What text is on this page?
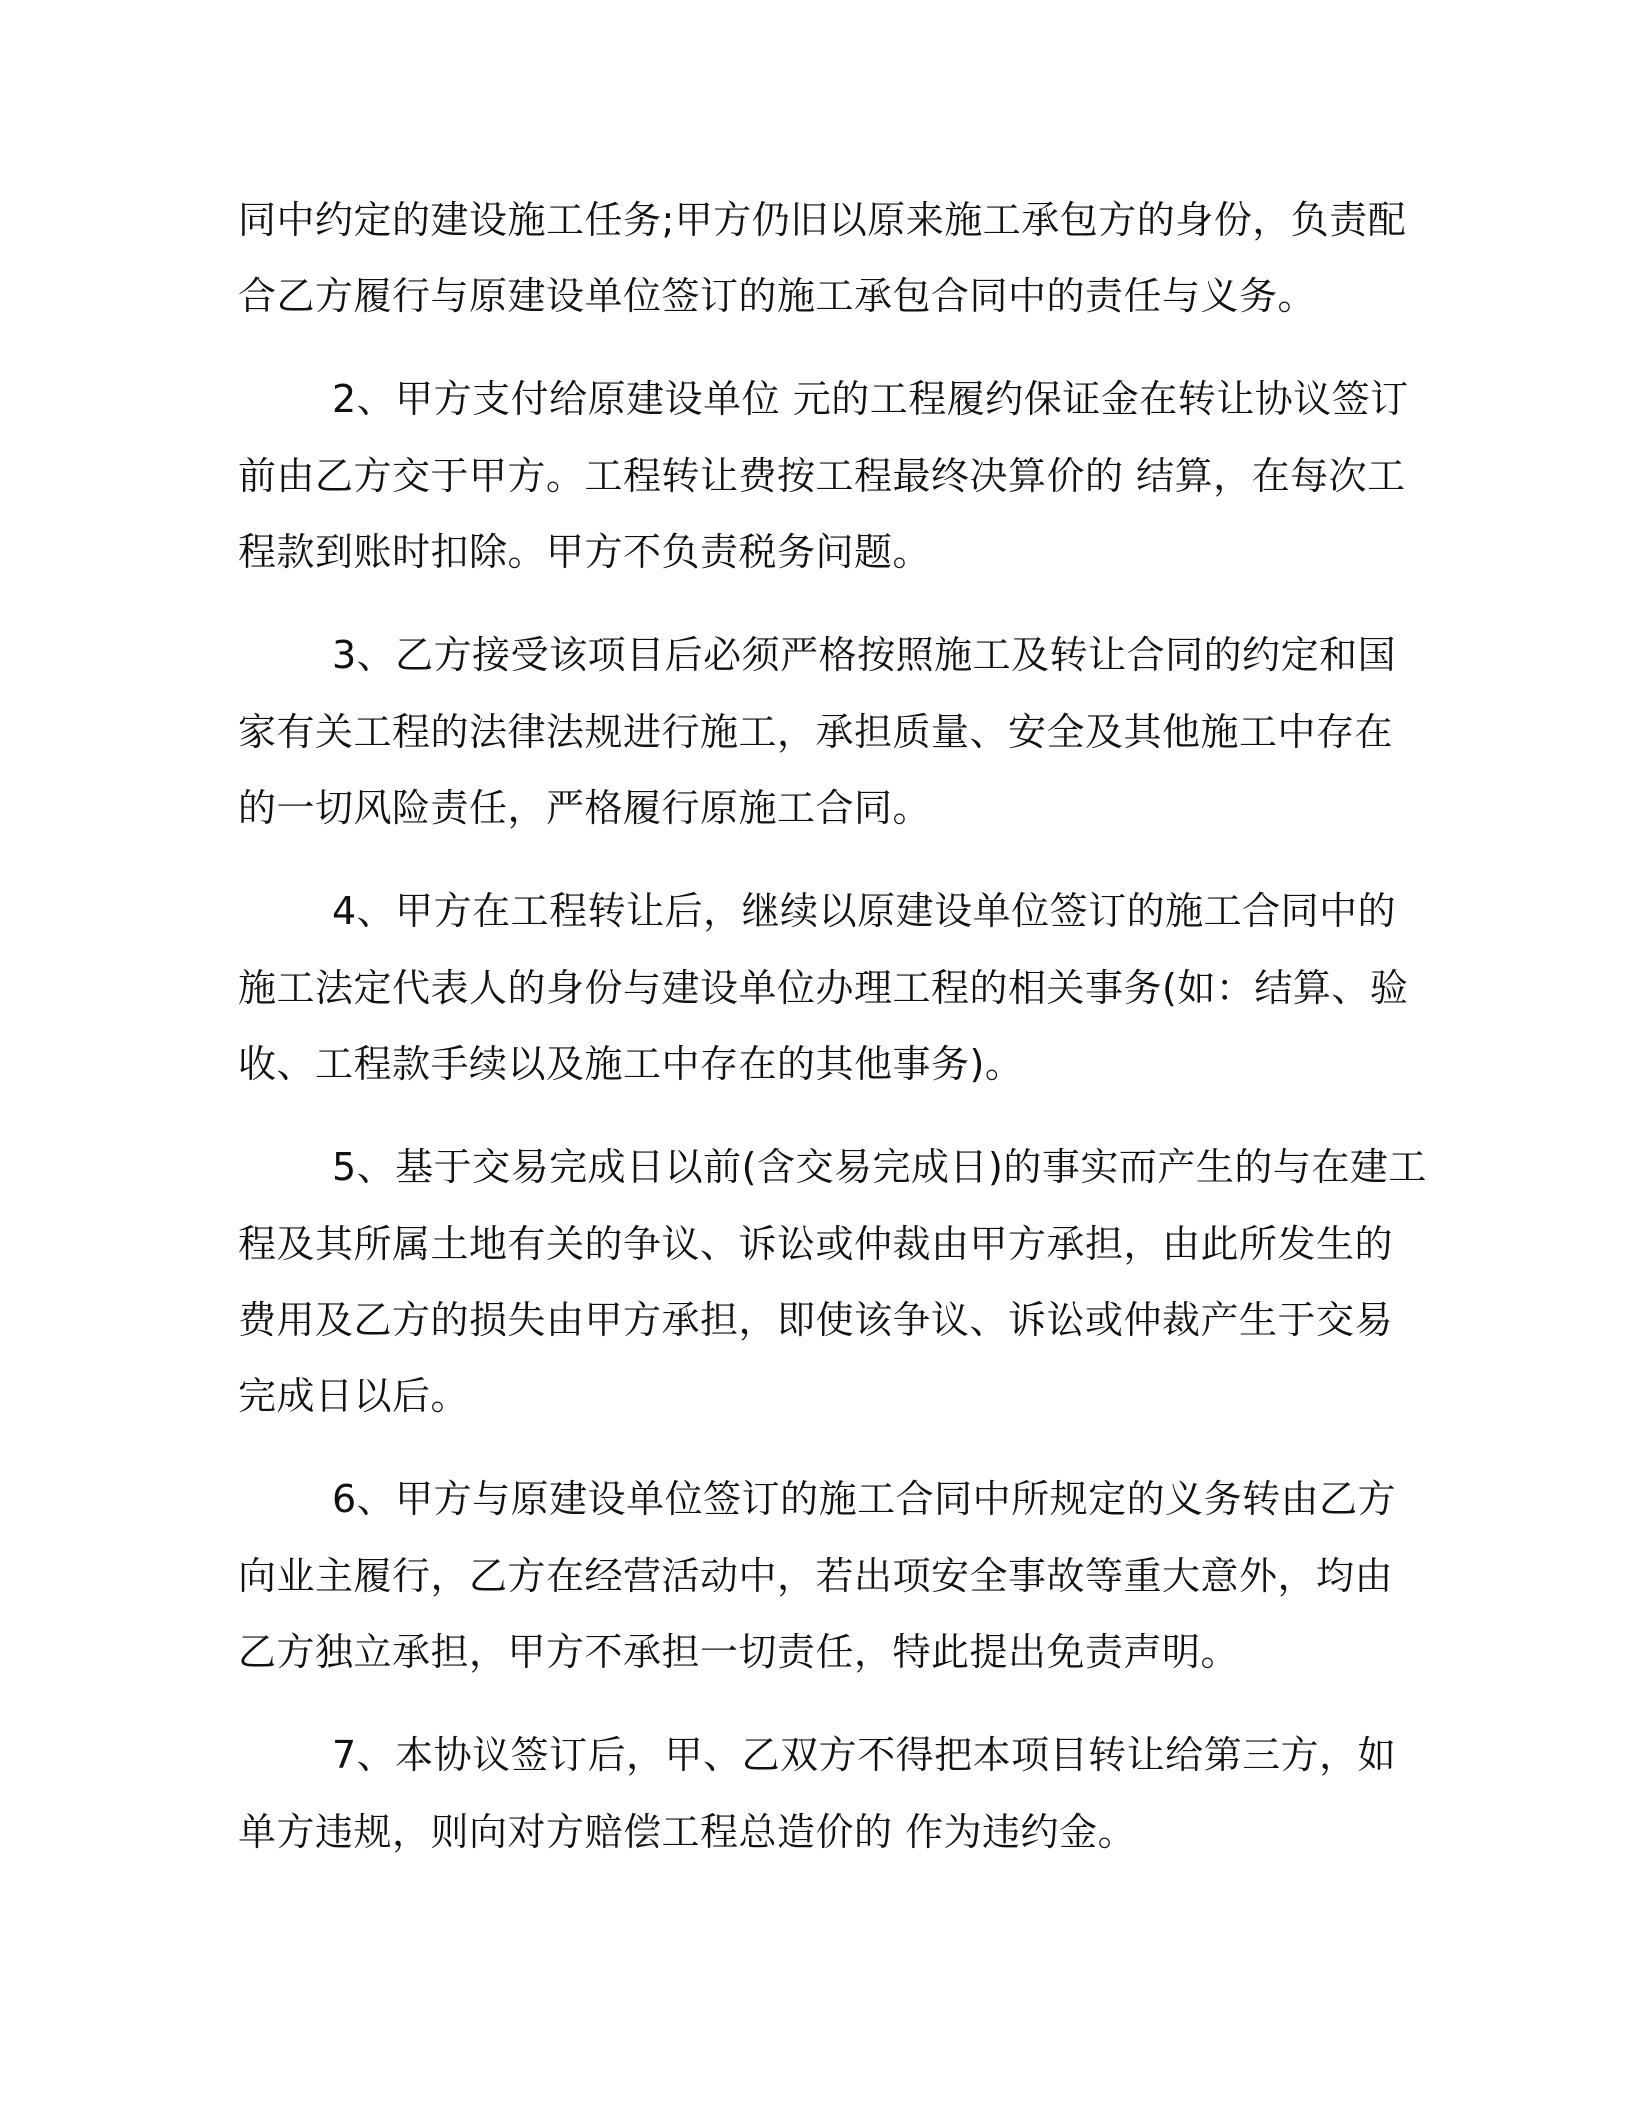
同中约定的建设施工任务;甲方仍旧以原来施工承包方的身份，负责配
合乙方履行与原建设单位签订的施工承包合同中的责任与义务。
2、甲方支付给原建设单位 元的工程履约保证金在转让协议签订
前由乙方交于甲方。工程转让费按工程最终决算价的 结算，在每次工
程款到账时扣除。甲方不负责税务问题。
3、乙方接受该项目后必须严格按照施工及转让合同的约定和国
家有关工程的法律法规进行施工，承担质量、安全及其他施工中存在
的一切风险责任，严格履行原施工合同。
4、甲方在工程转让后，继续以原建设单位签订的施工合同中的
施工法定代表人的身份与建设单位办理工程的相关事务(如：结算、验
收、工程款手续以及施工中存在的其他事务)。
5、基于交易完成日以前(含交易完成日)的事实而产生的与在建工
程及其所属土地有关的争议、诉讼或仲裁由甲方承担，由此所发生的
费用及乙方的损失由甲方承担，即使该争议、诉讼或仲裁产生于交易
完成日以后。
6、甲方与原建设单位签订的施工合同中所规定的义务转由乙方
向业主履行，乙方在经营活动中，若出项安全事故等重大意外，均由
乙方独立承担，甲方不承担一切责任，特此提出免责声明。
7、本协议签订后，甲、乙双方不得把本项目转让给第三方，如
单方违规，则向对方赔偿工程总造价的 作为违约金。
